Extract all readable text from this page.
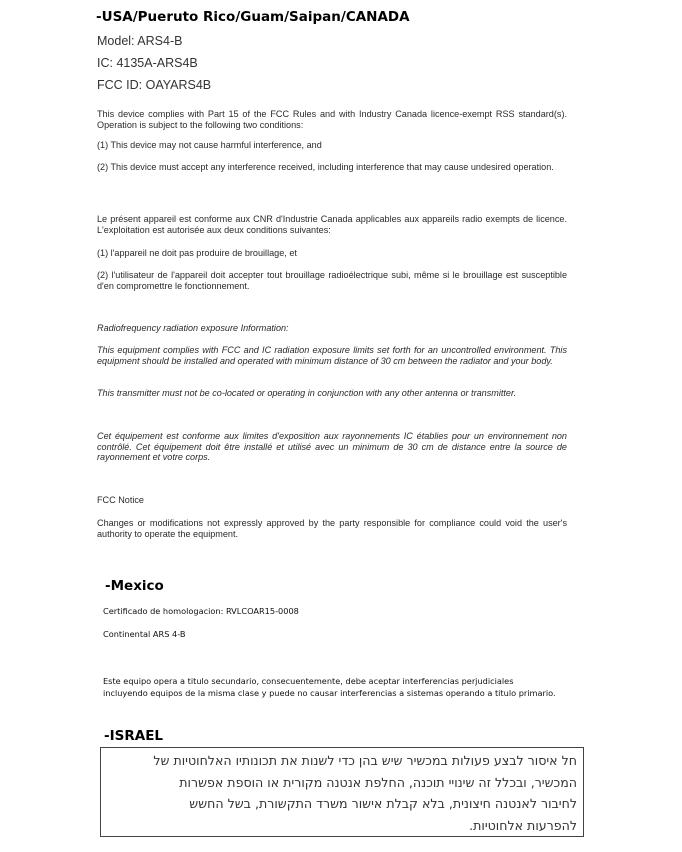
-USA/Pueruto Rico/Guam/Saipan/CANADA
Model: ARS4-B
IC: 4135A-ARS4B
FCC ID: OAYARS4B
This device complies with Part 15 of the FCC Rules and with Industry Canada licence-exempt RSS standard(s). Operation is subject to the following two conditions:
(1) This device may not cause harmful interference, and
(2) This device must accept any interference received, including interference that may cause undesired operation.
Le présent appareil est conforme aux CNR d'Industrie Canada applicables aux appareils radio exempts de licence. L'exploitation est autorisée aux deux conditions suivantes:
(1) l'appareil ne doit pas produire de brouillage, et
(2) l'utilisateur de l'appareil doit accepter tout brouillage radioélectrique subi, même si le brouillage est susceptible d'en compromettre le fonctionnement.
Radiofrequency radiation exposure Information:
This equipment complies with FCC and IC radiation exposure limits set forth for an uncontrolled environment. This equipment should be installed and operated with minimum distance of 30 cm between the radiator and your body.
This transmitter must not be co-located or operating in conjunction with any other antenna or transmitter.
Cet équipement est conforme aux limites d'exposition aux rayonnements IC établies pour un environnement non contrôlé. Cet équipement doit être installé et utilisé avec un minimum de 30 cm de distance entre la source de rayonnement et votre corps.
FCC Notice
Changes or modifications not expressly approved by the party responsible for compliance could void the user's authority to operate the equipment.
-Mexico
Certificado de homologacion: RVLCOAR15-0008
Continental ARS 4-B
Este equipo opera a titulo secundario, consecuentemente, debe aceptar interferencias perjudiciales
incluyendo equipos de la misma clase y puede no causar interferencias a sistemas operando a titulo primario.
-ISRAEL
חל איסור לבצע פעולות במכשיר שיש בהן כדי לשנות את תכונותיו האלחוטיות של
המכשיר, ובכלל זה שינויי תוכנה, החלפת אנטנה מקורית או הוספת אפשרות
לחיבור לאנטנה חיצונית, בלא קבלת אישור משרד התקשורת, בשל החשש
להפרעות אלחוטיות.
